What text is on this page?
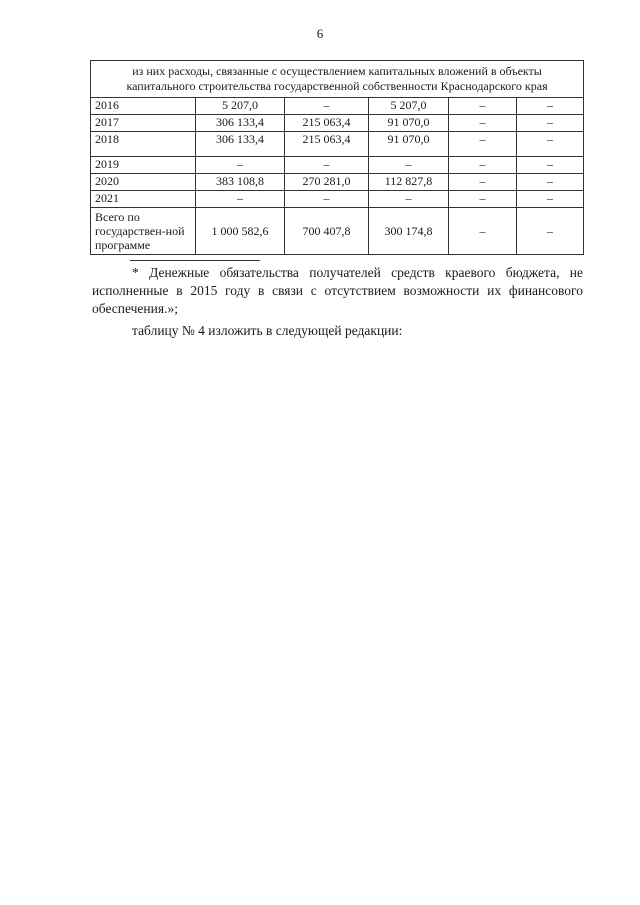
6
из них расходы, связанные с осуществлением капитальных вложений в объекты капитального строительства государственной собственности Краснодарского края					
2016	5 207,0	–	5 207,0	–	–
2017	306 133,4	215 063,4	91 070,0	–	–
2018	306 133,4	215 063,4	91 070,0	–	–
2019	–	–	–	–	–
2020	383 108,8	270 281,0	112 827,8	–	–
2021	–	–	–	–	–
Всего по государствен-ной программе	1 000 582,6	700 407,8	300 174,8	–	–

* Денежные обязательства получателей средств краевого бюджета, не исполненные в 2015 году в связи с отсутствием возможности их финансового обеспечения.»;

таблицу № 4 изложить в следующей редакции:
